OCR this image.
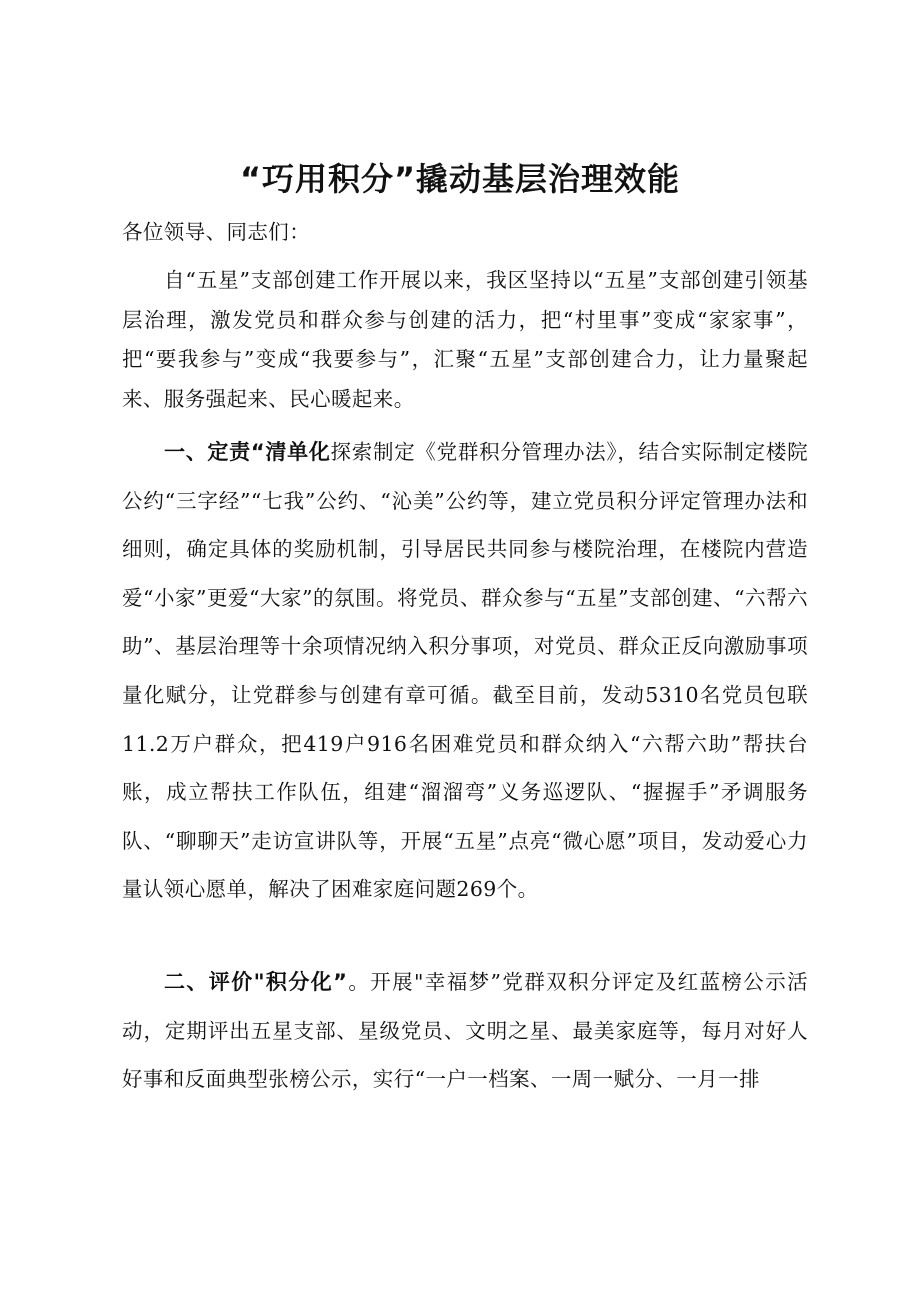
“巧用积分”撬动基层治理效能
各位领导、同志们：
自“五星”支部创建工作开展以来，我区坚持以“五星”支部创建引领基层治理，激发党员和群众参与创建的活力，把“村里事”变成“家家事”，把“要我参与”变成“我要参与”，汇聚“五星”支部创建合力，让力量聚起来、服务强起来、民心暖起来。
一、定责“清单化探索制定《党群积分管理办法》，结合实际制定楼院公约“三字经”“七我”公约、“沁美”公约等，建立党员积分评定管理办法和细则，确定具体的奖励机制，引导居民共同参与楼院治理，在楼院内营造爱“小家”更爱“大家”的氛围。将党员、群众参与“五星”支部创建、“六帮六助”、基层治理等十余项情况纳入积分事项，对党员、群众正反向激励事项量化赋分，让党群参与创建有章可循。截至目前，发动5310名党员包联11.2万户群众，把419户916名困难党员和群众纳入“六帮六助”帮扶台账，成立帮扶工作队伍，组建“溜溜弯”义务巡逻队、“握握手”矛调服务队、“聊聊天”走访宣讲队等，开展“五星”点亮“微心愿”项目，发动爱心力量认领心愿单，解决了困难家庭问题269个。
二、评价"积分化”。开展"幸福梦”党群双积分评定及红蓝榜公示活动，定期评出五星支部、星级党员、文明之星、最美家庭等，每月对好人好事和反面典型张榜公示，实行“一户一档案、一周一赋分、一月一排
